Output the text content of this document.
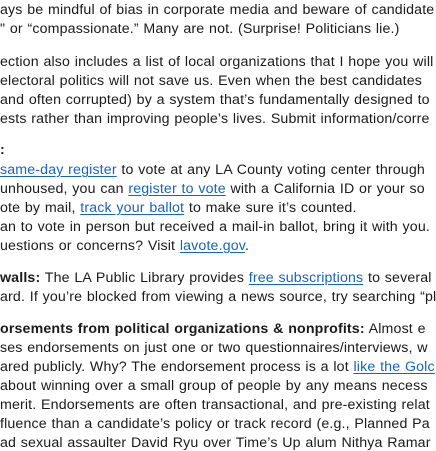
ays be mindful of bias in corporate media and beware of candidate
" or “compassionate.” Many are not. (Surprise! Politicians lie.)
ection also includes a list of local organizations that I hope you will
electoral politics will not save us. Even when the best candidates
and often corrupted) by a system that’s fundamentally designed to
ests rather than improving people’s lives. Submit information/corre
:
same-day register to vote at any LA County voting center through
unhoused, you can register to vote with a California ID or your so
ote by mail, track your ballot to make sure it’s counted.
an to vote in person but received a mail-in ballot, bring it with you.
uestions or concerns? Visit lavote.gov.
walls: The LA Public Library provides free subscriptions to several
ard. If you’re blocked from viewing a news source, try searching “pl
orsements from political organizations & nonprofits: Almost e
ses endorsements on just one or two questionnaires/interviews, w
ared publicly. Why? The endorsement process is a lot like the Golc
about winning over a small group of people by any means necess
merit. Endorsements are often transactional, and pre-existing relat
fluence than a candidate’s policy or track record (e.g., Planned Pa
ad sexual assaulter David Ryu over Time’s Up alum Nithya Ramar
